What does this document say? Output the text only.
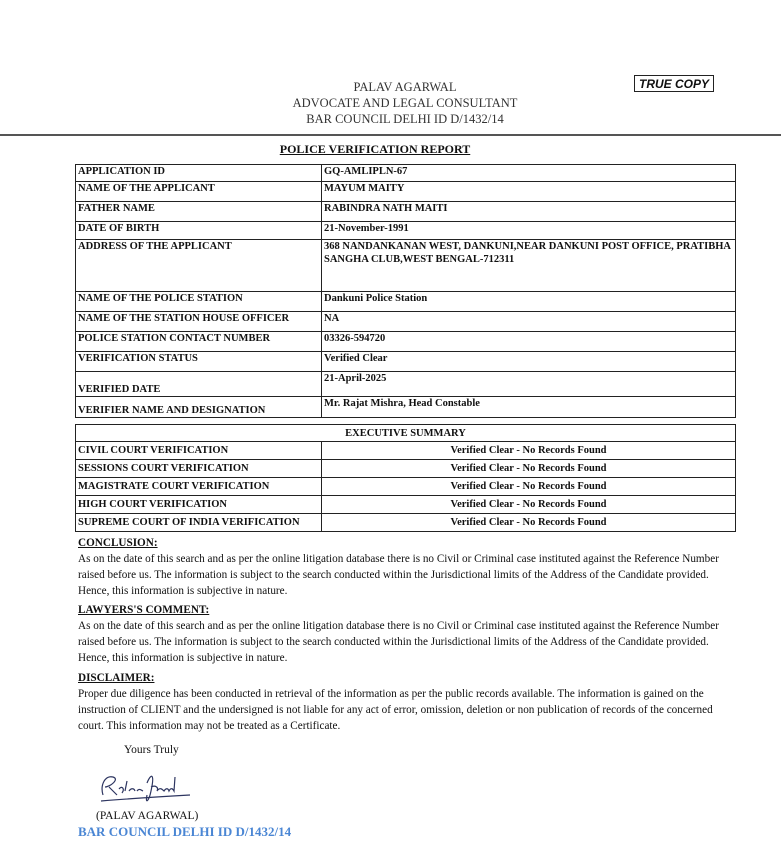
PALAV AGARWAL
ADVOCATE AND LEGAL CONSULTANT
BAR COUNCIL DELHI ID D/1432/14
TRUE COPY
POLICE VERIFICATION REPORT
APPLICATION ID	GQ-AMLIPLN-67
NAME OF THE APPLICANT	MAYUM MAITY
FATHER NAME	RABINDRA NATH MAITI
DATE OF BIRTH	21-November-1991
ADDRESS OF THE APPLICANT	368 NANDANKANAN WEST, DANKUNI,NEAR DANKUNI POST OFFICE, PRATIBHA SANGHA CLUB,WEST BENGAL-712311
NAME OF THE POLICE STATION	Dankuni Police Station
NAME OF THE STATION HOUSE OFFICER	NA
POLICE STATION CONTACT NUMBER	03326-594720
VERIFICATION STATUS	Verified Clear
VERIFIED DATE	21-April-2025
VERIFIER NAME AND DESIGNATION	Mr. Rajat Mishra, Head Constable
EXECUTIVE SUMMARY	
CIVIL COURT VERIFICATION	Verified Clear - No Records Found
SESSIONS COURT VERIFICATION	Verified Clear - No Records Found
MAGISTRATE COURT VERIFICATION	Verified Clear - No Records Found
HIGH COURT VERIFICATION	Verified Clear - No Records Found
SUPREME COURT OF INDIA VERIFICATION	Verified Clear - No Records Found
CONCLUSION:

As on the date of this search and as per the online litigation database there is no Civil or Criminal case instituted against the Reference Number raised before us. The information is subject to the search conducted within the Jurisdictional limits of the Address of the Candidate provided. Hence, this information is subjective in nature.

LAWYERS'S COMMENT:

As on the date of this search and as per the online litigation database there is no Civil or Criminal case instituted against the Reference Number raised before us. The information is subject to the search conducted within the Jurisdictional limits of the Address of the Candidate provided. Hence, this information is subjective in nature.

DISCLAIMER:

Proper due diligence has been conducted in retrieval of the information as per the public records available. The information is gained on the instruction of CLIENT and the undersigned is not liable for any act of error, omission, deletion or non publication of records of the concerned court. This information may not be treated as a Certificate.

Yours Truly
(PALAV AGARWAL)
BAR COUNCIL DELHI ID D/1432/14
